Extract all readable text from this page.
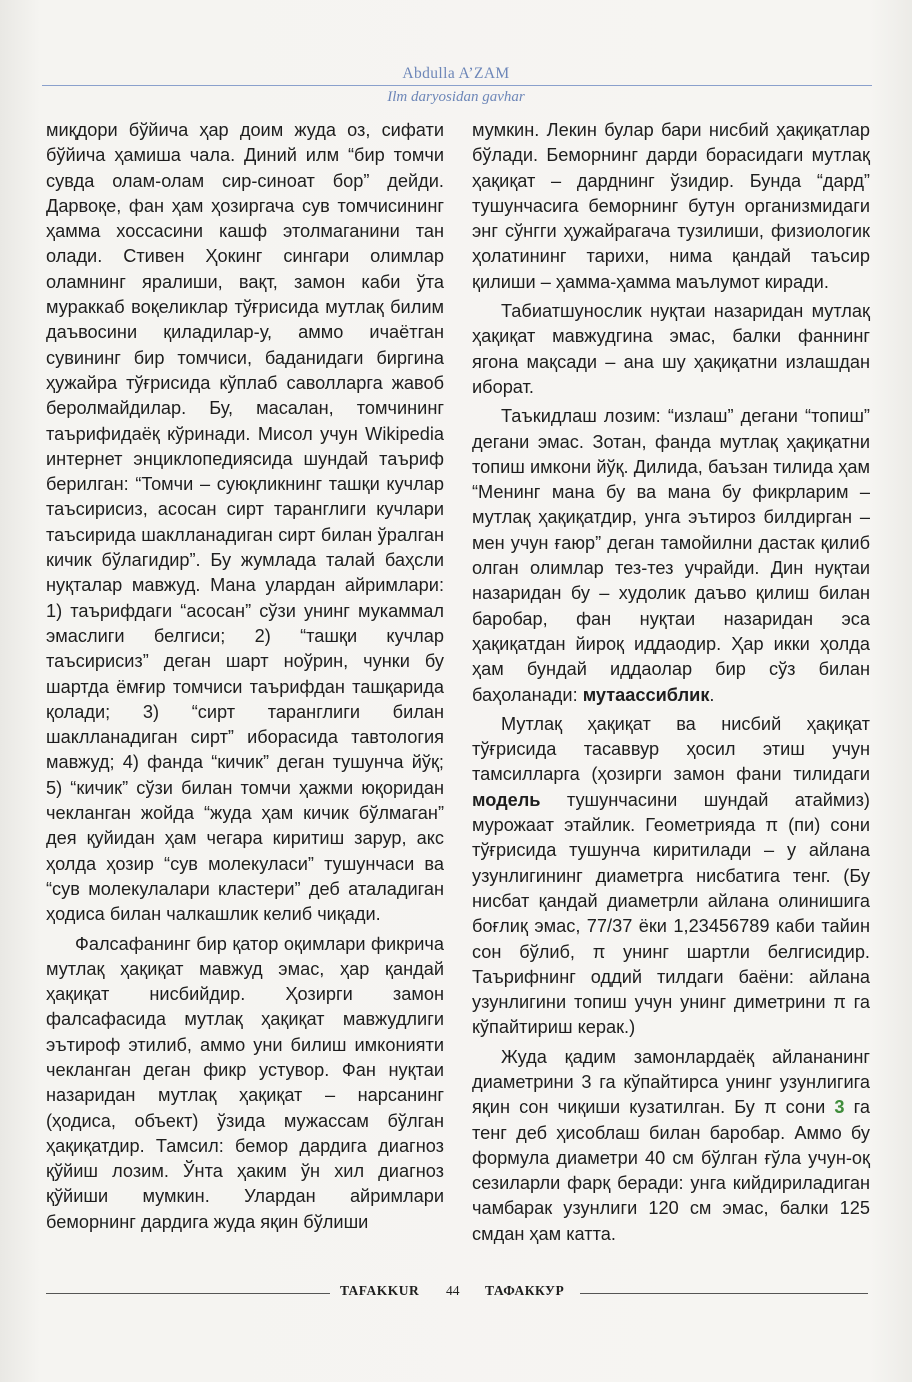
Abdulla A’ZAM
Ilm daryosidan gavhar

миқдори бўйича ҳар доим жуда оз, сифати бўйича ҳамиша чала. Диний илм “бир томчи сувда олам-олам сир-синоат бор” дейди. Дарвоқе, фан ҳам ҳозиргача сув томчисининг ҳамма хоссасини кашф этолмаганини тан олади. Стивен Ҳокинг сингари олимлар оламнинг яралиши, вақт, замон каби ўта мураккаб воқеликлар тўғрисида мутлақ билим даъвосини қиладилар-у, аммо ичаётган сувининг бир томчиси, баданидаги биргина ҳужайра тўғрисида кўплаб саволларга жавоб беролмайдилар. Бу, масалан, томчининг таърифидаёқ кўринади. Мисол учун Wikipedia интернет энциклопедиясида шундай таъриф берилган: “Томчи – суюқликнинг ташқи кучлар таъсирисиз, асосан сирт таранглиги кучлари таъсирида шаклланадиган сирт билан ўралган кичик бўлагидир”. Бу жумлада талай баҳсли нуқталар мавжуд. Мана улардан айримлари: 1) таърифдаги “асосан” сўзи унинг мукаммал эмаслиги белгиси; 2) “ташқи кучлар таъсирисиз” деган шарт ноўрин, чунки бу шартда ёмғир томчиси таърифдан ташқарида қолади; 3) “сирт таранглиги билан шаклланадиган сирт” иборасида тавтология мавжуд; 4) фанда “кичик” деган тушунча йўқ; 5) “кичик” сўзи билан томчи ҳажми юқоридан чекланган жойда “жуда ҳам кичик бўлмаган” дея қуйидан ҳам чегара киритиш зарур, акс ҳолда ҳозир “сув молекуласи” тушунчаси ва “сув молекулалари кластери” деб аталадиган ҳодиса билан чалкашлик келиб чиқади.

Фалсафанинг бир қатор оқимлари фикрича мутлақ ҳақиқат мавжуд эмас, ҳар қандай ҳақиқат нисбийдир. Ҳозирги замон фалсафасида мутлақ ҳақиқат мавжудлиги эътироф этилиб, аммо уни билиш имконияти чекланган деган фикр устувор. Фан нуқтаи назаридан мутлақ ҳақиқат – нарсанинг (ҳодиса, объект) ўзида мужассам бўлган ҳақиқатдир. Тамсил: бемор дардига диагноз қўйиш лозим. Ўнта ҳаким ўн хил диагноз қўйиши мумкин. Улардан айримлари беморнинг дардига жуда яқин бўлиши

мумкин. Лекин булар бари нисбий ҳақиқатлар бўлади. Беморнинг дарди борасидаги мутлақ ҳақиқат – дарднинг ўзидир. Бунда “дард” тушунчасига беморнинг бутун организмидаги энг сўнгги ҳужайрагача тузилиши, физиологик ҳолатининг тарихи, нима қандай таъсир қилиши – ҳамма-ҳамма маълумот киради.

Табиатшунослик нуқтаи назаридан мутлақ ҳақиқат мавжудгина эмас, балки фаннинг ягона мақсади – ана шу ҳақиқатни излашдан иборат.

Таъкидлаш лозим: “излаш” дегани “топиш” дегани эмас. Зотан, фанда мутлақ ҳақиқатни топиш имкони йўқ. Дилида, баъзан тилида ҳам “Менинг мана бу ва мана бу фикрларим – мутлақ ҳақиқатдир, унга эътироз билдирган – мен учун ғаюр” деган тамойилни дастак қилиб олган олимлар тез-тез учрайди. Дин нуқтаи назаридан бу – худолик даъво қилиш билан баробар, фан нуқтаи назаридан эса ҳақиқатдан йироқ иддаодир. Ҳар икки ҳолда ҳам бундай иддаолар бир сўз билан баҳоланади: мутаассиблик.

Мутлақ ҳақиқат ва нисбий ҳақиқат тўғрисида тасаввур ҳосил этиш учун тамсилларга (ҳозирги замон фани тилидаги модель тушунчасини шундай атаймиз) мурожаат этайлик. Геометрияда π (пи) сони тўғрисида тушунча киритилади – у айлана узунлигининг диаметрга нисбатига тенг. (Бу нисбат қандай диаметрли айлана олинишига боғлиқ эмас, 77/37 ёки 1,23456789 каби тайин сон бўлиб, π унинг шартли белгисидир. Таърифнинг оддий тилдаги баёни: айлана узунлигини топиш учун унинг диметрини π га кўпайтириш керак.)

Жуда қадим замонлардаёқ айлананинг диаметрини 3 га кўпайтирса унинг узунлигига яқин сон чиқиши кузатилган. Бу π сони 3 га тенг деб ҳисоблаш билан баробар. Аммо бу формула диаметри 40 см бўлган ғўла учун-оқ сезиларли фарқ беради: унга кийдириладиган чамбарак узунлиги 120 см эмас, балки 125 смдан ҳам катта.

TAFAKKUR 44 ТАФАККУР
